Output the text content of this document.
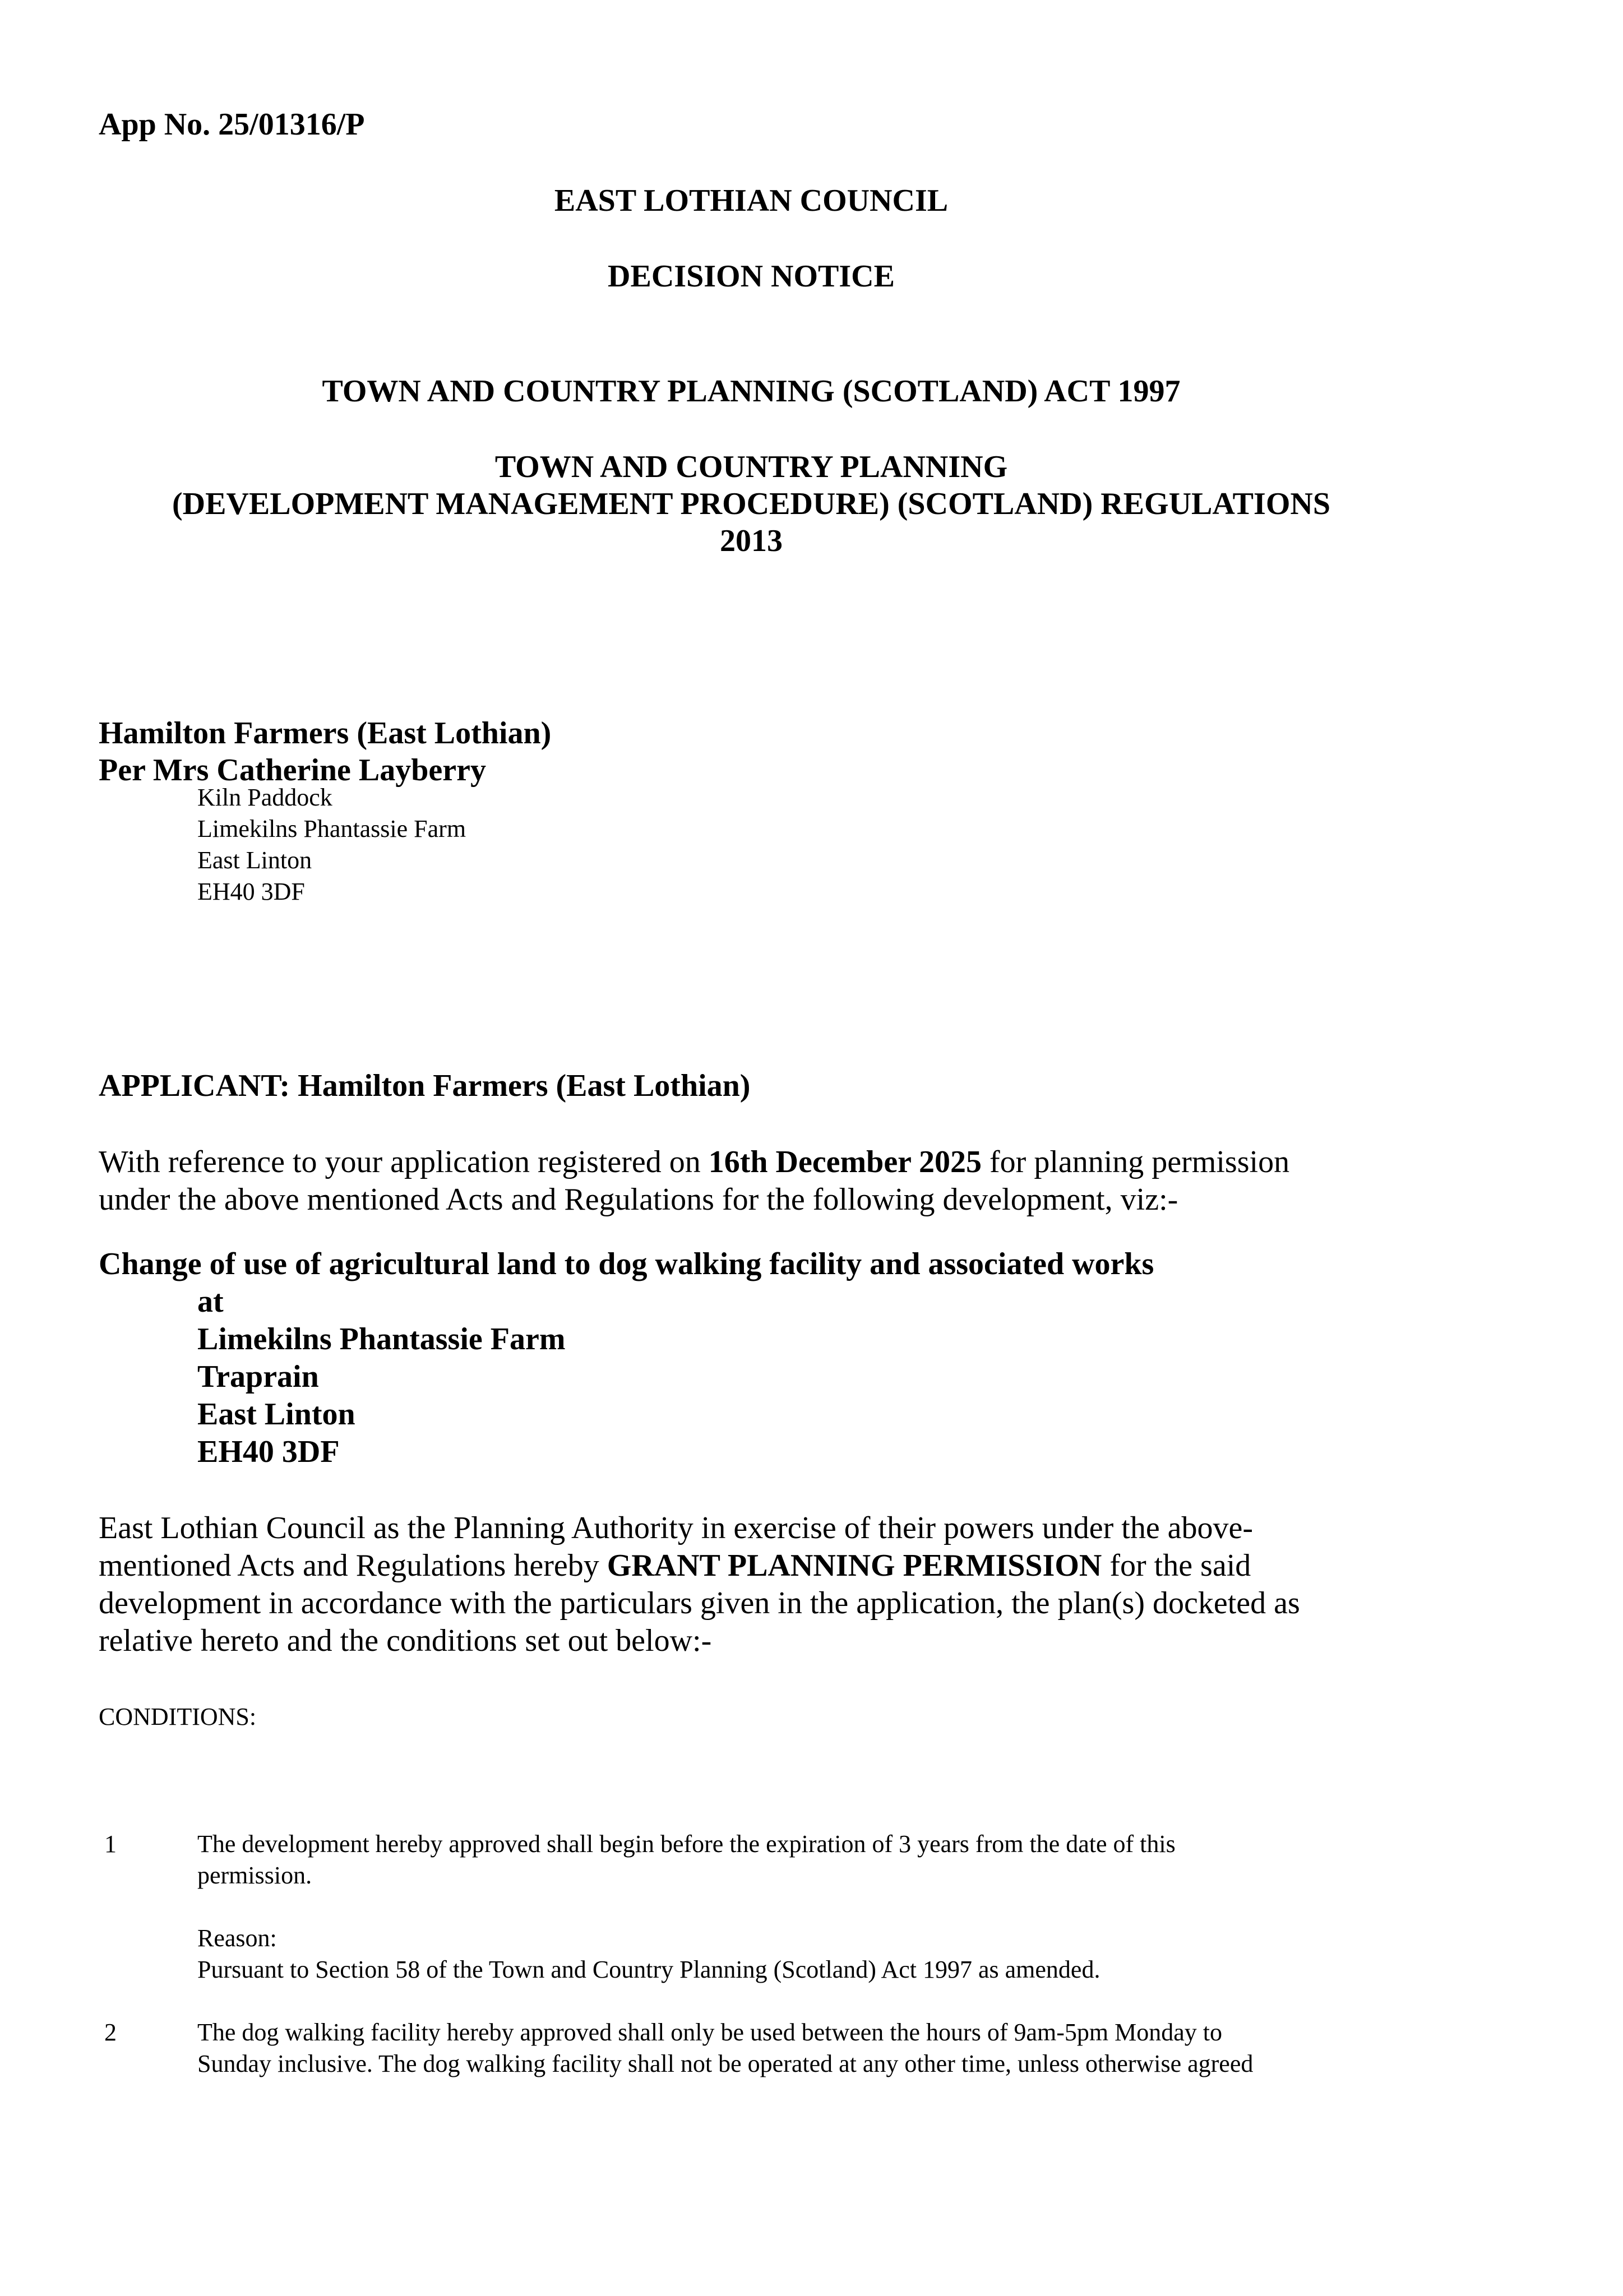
App No. 25/01316/P
EAST LOTHIAN COUNCIL
DECISION NOTICE
TOWN AND COUNTRY PLANNING (SCOTLAND) ACT 1997
TOWN AND COUNTRY PLANNING
(DEVELOPMENT MANAGEMENT PROCEDURE) (SCOTLAND) REGULATIONS
2013
Hamilton Farmers (East Lothian)
Per Mrs Catherine Layberry
Kiln Paddock
Limekilns Phantassie Farm
East Linton
EH40 3DF
APPLICANT: Hamilton Farmers (East Lothian)
With reference to your application registered on 16th December 2025 for planning permission
under the above mentioned Acts and Regulations for the following development, viz:-
Change of use of agricultural land to dog walking facility and associated works
at
Limekilns Phantassie Farm
Traprain
East Linton
EH40 3DF
East Lothian Council as the Planning Authority in exercise of their powers under the above-
mentioned Acts and Regulations hereby GRANT PLANNING PERMISSION for the said
development in accordance with the particulars given in the application, the plan(s) docketed as
relative hereto and the conditions set out below:-
CONDITIONS:
1	The development hereby approved shall begin before the expiration of 3 years from the date of this
permission.
Reason:
Pursuant to Section 58 of the Town and Country Planning (Scotland) Act 1997 as amended.
2	The dog walking facility hereby approved shall only be used between the hours of 9am-5pm Monday to
Sunday inclusive. The dog walking facility shall not be operated at any other time, unless otherwise agreed
